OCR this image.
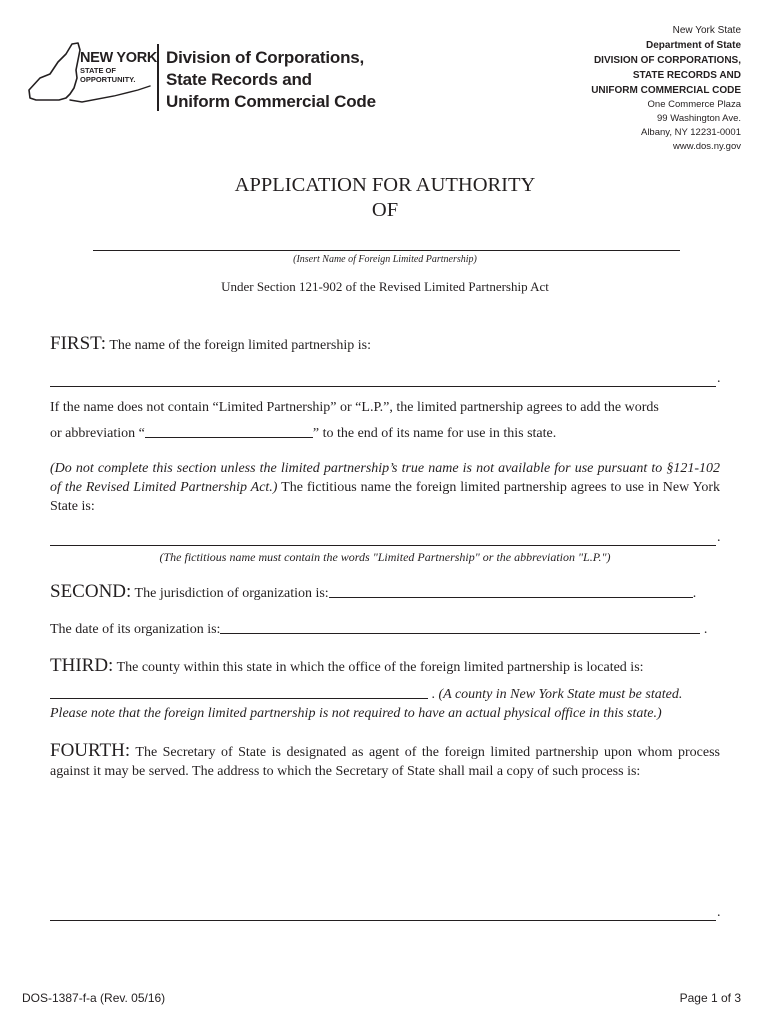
NEW YORK
STATE OF
OPPORTUNITY.
Division of Corporations,
State Records and
Uniform Commercial Code
New York State
Department of State
DIVISION OF CORPORATIONS,
STATE RECORDS AND
UNIFORM COMMERCIAL CODE
One Commerce Plaza
99 Washington Ave.
Albany, NY 12231-0001
www.dos.ny.gov
APPLICATION FOR AUTHORITY
OF
(Insert Name of Foreign Limited Partnership)
Under Section 121-902 of the Revised Limited Partnership Act
FIRST: The name of the foreign limited partnership is:
.
If the name does not contain “Limited Partnership” or “L.P.”, the limited partnership agrees to add the words
or abbreviation “	” to the end of its name for use in this state.
(Do not complete this section unless the limited partnership’s true name is not available for use pursuant to §121-102 of the Revised Limited Partnership Act.) The fictitious name the foreign limited partnership agrees to use in New York State is:
.
(The fictitious name must contain the words "Limited Partnership" or the abbreviation "L.P.")
SECOND: The jurisdiction of organization is:	.
The date of its organization is:	.
THIRD: The county within this state in which the office of the foreign limited partnership is located is:
. (A county in New York State must be stated.
Please note that the foreign limited partnership is not required to have an actual physical office in this state.)
FOURTH: The Secretary of State is designated as agent of the foreign limited partnership upon whom process against it may be served. The address to which the Secretary of State shall mail a copy of such process is:
.
DOS-1387-f-a (Rev. 05/16)	Page 1 of 3
